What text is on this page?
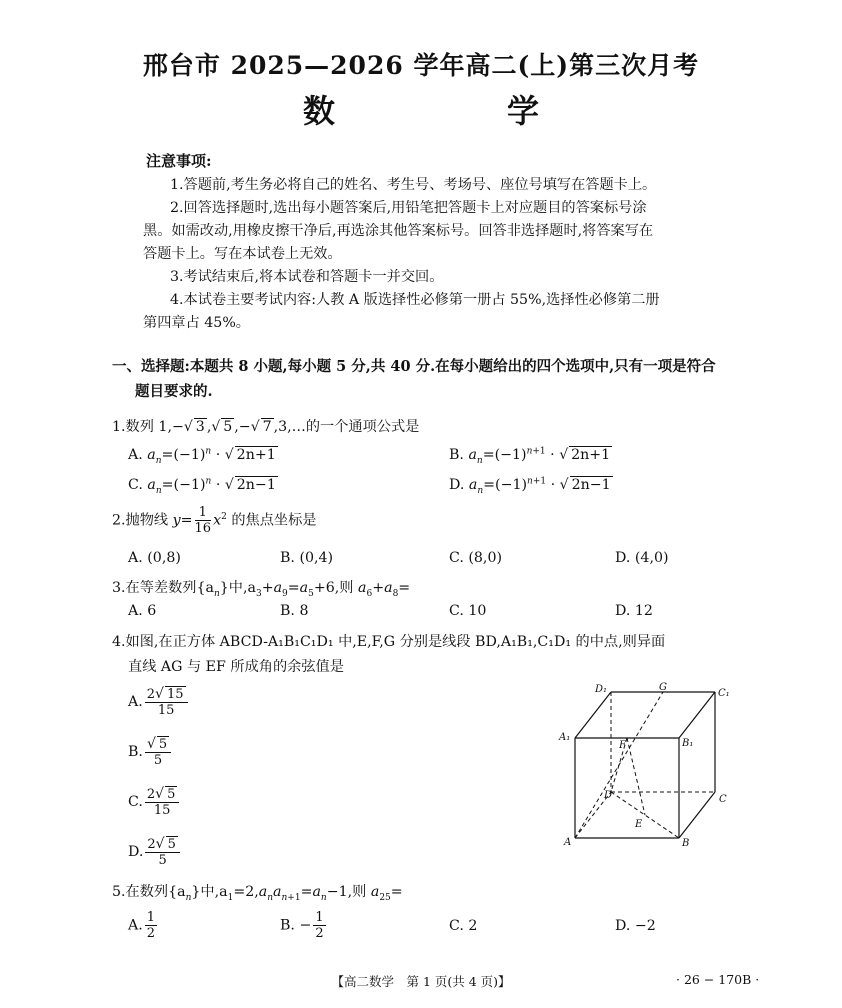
邢台市 2025—2026 学年高二(上)第三次月考
数　学
注意事项:
1.答题前,考生务必将自己的姓名、考生号、考场号、座位号填写在答题卡上。
2.回答选择题时,选出每小题答案后,用铅笔把答题卡上对应题目的答案标号涂
黑。如需改动,用橡皮擦干净后,再选涂其他答案标号。回答非选择题时,将答案写在
答题卡上。写在本试卷上无效。
3.考试结束后,将本试卷和答题卡一并交回。
4.本试卷主要考试内容:人教 A 版选择性必修第一册占 55%,选择性必修第二册
第四章占 45%。
一、选择题:本题共 8 小题,每小题 5 分,共 40 分.在每小题给出的四个选项中,只有一项是符合
题目要求的.
1.数列 1,−√ 3 ,√ 5 ,−√ 7 ,3,…的一个通项公式是
A. $a_n=(-1)^n$ · √ 2n+1	B. $a_n=(-1)^{n+1}$ · √ 2n+1
C. $a_n=(-1)^n$ · √ 2n−1	D. $a_n=(-1)^{n+1}$ · √ 2n−1
2.抛物线 $y= \frac{1}{16} x^2$ 的焦点坐标是
A. (0,8)	B. (0,4)	C. (8,0)	D. (4,0)
3.在等差数列$\{a_n\}$中$,a_3+a_9=a_5+6$,则 $a_6+a_8=$
A. 6	B. 8	C. 10	D. 12
4.如图,在正方体 ABCD-A₁B₁C₁D₁ 中,E,F,G 分别是线段 BD,A₁B₁,C₁D₁ 的中点,则异面
直线 AG 与 EF 所成角的余弦值是
A. $\frac{2√ 15}{15}$
B. $\frac{√ 5}{5}$
C. $\frac{2√ 5}{15}$
D. $\frac{2√ 5}{5}$
D₁	G
C₁
A₁
F	B₁
D	C
E
A	B
5.在数列$\{a_n\}$中$,a_1=2,a_na_{n+1}=a_n-1$,则 $a_{25}=$
A. $\frac{1}{2}$	B. − $\frac{1}{2}$	C. 2	D. −2
【高二数学　第 1 页(共 4 页)】	· 26 − 170B ·
